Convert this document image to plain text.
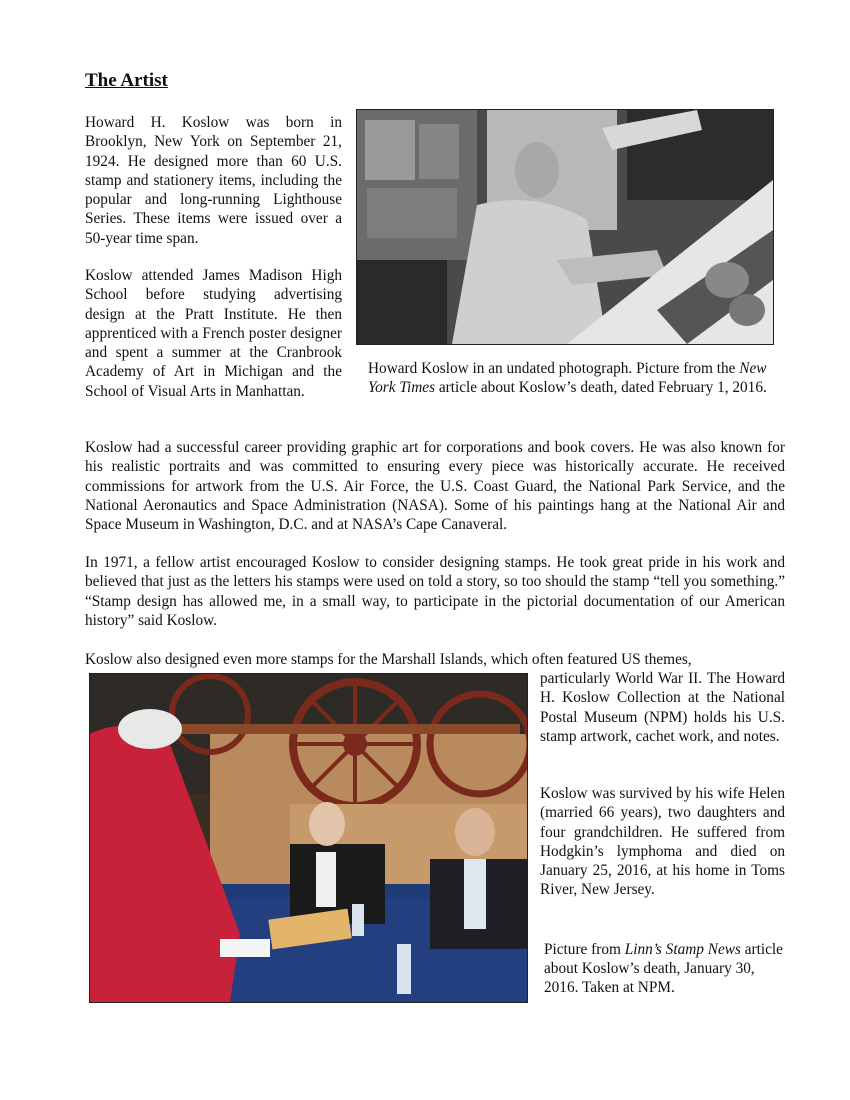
The Artist

Howard H. Koslow was born in Brooklyn, New York on September 21, 1924. He designed more than 60 U.S. stamp and stationery items, including the popular and long-running Lighthouse Series. These items were issued over a 50-year time span.

Koslow attended James Madison High School before studying advertising design at the Pratt Institute. He then apprenticed with a French poster designer and spent a summer at the Cranbrook Academy of Art in Michigan and the School of Visual Arts in Manhattan.

Howard Koslow in an undated photograph. Picture from the New York Times article about Koslow’s death, dated February 1, 2016.

Koslow had a successful career providing graphic art for corporations and book covers. He was also known for his realistic portraits and was committed to ensuring every piece was historically accurate. He received commissions for artwork from the U.S. Air Force, the U.S. Coast Guard, the National Park Service, and the National Aeronautics and Space Administration (NASA). Some of his paintings hang at the National Air and Space Museum in Washington, D.C. and at NASA’s Cape Canaveral.

In 1971, a fellow artist encouraged Koslow to consider designing stamps. He took great pride in his work and believed that just as the letters his stamps were used on told a story, so too should the stamp “tell you something.” “Stamp design has allowed me, in a small way, to participate in the pictorial documentation of our American history” said Koslow.

Koslow also designed even more stamps for the Marshall Islands, which often featured US themes,

particularly World War II. The Howard H. Koslow Collection at the National Postal Museum (NPM) holds his U.S. stamp artwork, cachet work, and notes.

Koslow was survived by his wife Helen (married 66 years), two daughters and four grandchildren. He suffered from Hodgkin’s lymphoma and died on January 25, 2016, at his home in Toms River, New Jersey.

Picture from Linn’s Stamp News article about Koslow’s death, January 30, 2016. Taken at NPM.
